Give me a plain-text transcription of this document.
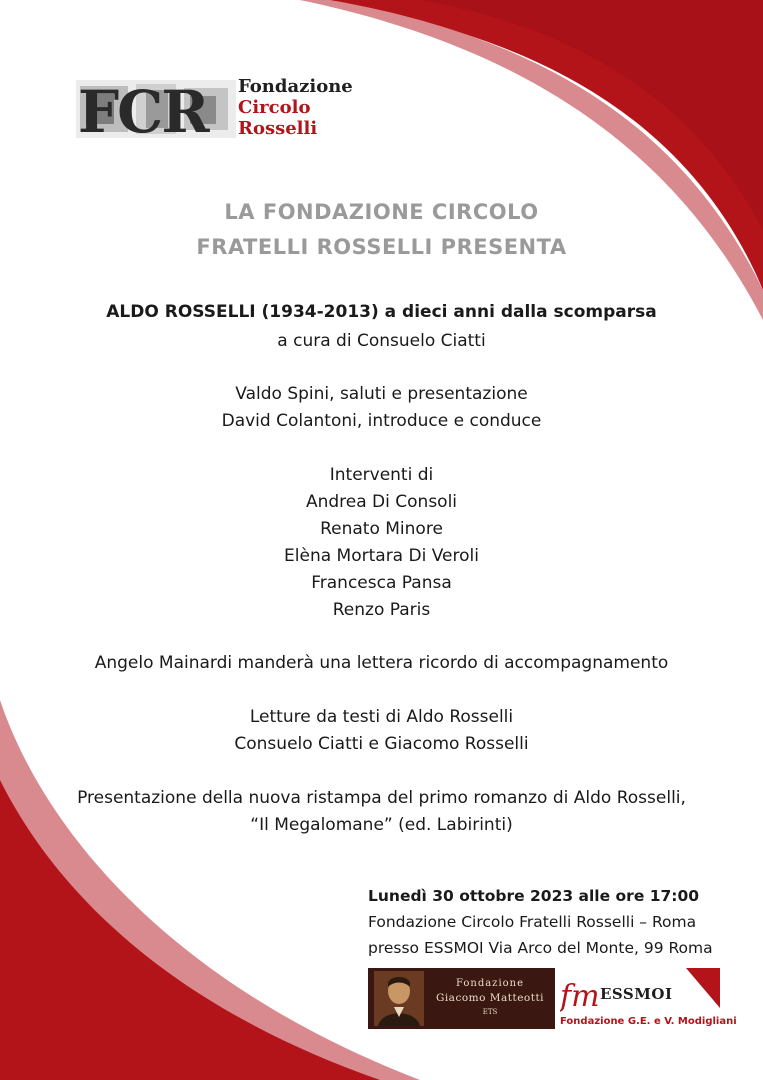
FCR Fondazione
Circolo
Rosselli
LA FONDAZIONE CIRCOLO
FRATELLI ROSSELLI PRESENTA
ALDO ROSSELLI (1934-2013) a dieci anni dalla scomparsa
a cura di Consuelo Ciatti
Valdo Spini, saluti e presentazione
David Colantoni, introduce e conduce
Interventi di
Andrea Di Consoli
Renato Minore
Elèna Mortara Di Veroli
Francesca Pansa
Renzo Paris
Angelo Mainardi manderà una lettera ricordo di accompagnamento
Letture da testi di Aldo Rosselli
Consuelo Ciatti e Giacomo Rosselli
Presentazione della nuova ristampa del primo romanzo di Aldo Rosselli,
“Il Megalomane” (ed. Labirinti)
Lunedì 30 ottobre 2023 alle ore 17:00
Fondazione Circolo Fratelli Rosselli – Roma
presso ESSMOI Via Arco del Monte, 99 Roma
Fondazione
Giacomo Matteotti
ETS	fm ESSMOI
Fondazione G.E. e V. Modigliani
